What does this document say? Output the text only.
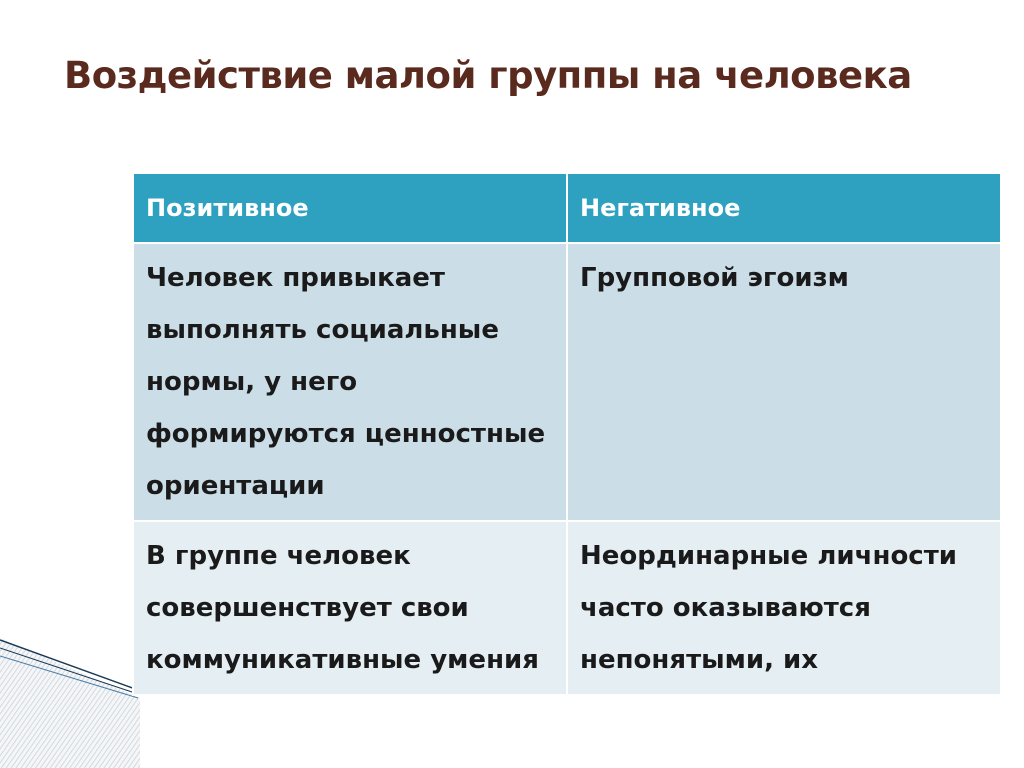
Воздействие малой группы на человека
Позитивное	Негативное
Человек привыкает выполнять социальные нормы, у него формируются ценностные ориентации	Групповой эгоизм
В группе человек совершенствует свои коммуникативные умения	Неординарные личности часто оказываются непонятыми, их
